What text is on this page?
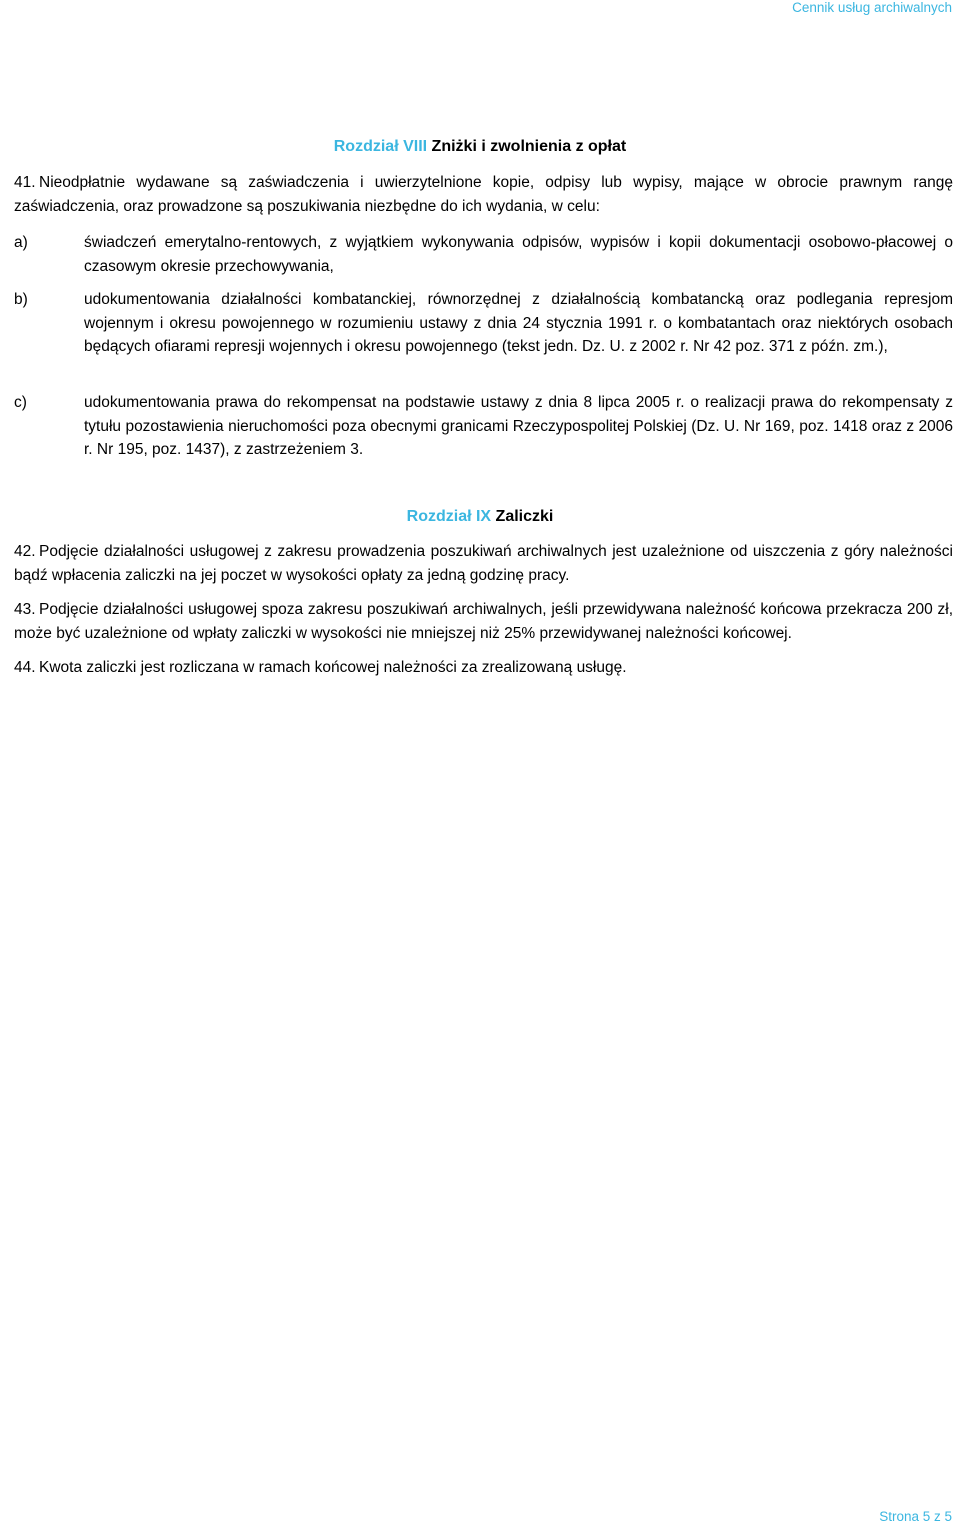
Cennik usług archiwalnych
Rozdział VIII Zniżki i zwolnienia z opłat
41. Nieodpłatnie wydawane są zaświadczenia i uwierzytelnione kopie, odpisy lub wypisy, mające w obrocie prawnym rangę zaświadczenia, oraz prowadzone są poszukiwania niezbędne do ich wydania, w celu:
a)	świadczeń emerytalno-rentowych, z wyjątkiem wykonywania odpisów, wypisów i kopii dokumentacji osobowo-płacowej o czasowym okresie przechowywania,
b)	udokumentowania działalności kombatanckiej, równorzędnej z działalnością kombatancką oraz podlegania represjom wojennym i okresu powojennego w rozumieniu ustawy z dnia 24 stycznia 1991 r. o kombatantach oraz niektórych osobach będących ofiarami represji wojennych i okresu powojennego (tekst jedn. Dz. U. z 2002 r. Nr 42 poz. 371 z późn. zm.),
c)	udokumentowania prawa do rekompensat na podstawie ustawy z dnia 8 lipca 2005 r. o realizacji prawa do rekompensaty z tytułu pozostawienia nieruchomości poza obecnymi granicami Rzeczypospolitej Polskiej (Dz. U. Nr 169, poz. 1418 oraz z 2006 r. Nr 195, poz. 1437), z zastrzeżeniem 3.
Rozdział IX Zaliczki
42. Podjęcie działalności usługowej z zakresu prowadzenia poszukiwań archiwalnych jest uzależnione od uiszczenia z góry należności bądź wpłacenia zaliczki na jej poczet w wysokości opłaty za jedną godzinę pracy.
43. Podjęcie działalności usługowej spoza zakresu poszukiwań archiwalnych, jeśli przewidywana należność końcowa przekracza 200 zł, może być uzależnione od wpłaty zaliczki w wysokości nie mniejszej niż 25% przewidywanej należności końcowej.
44. Kwota zaliczki jest rozliczana w ramach końcowej należności za zrealizowaną usługę.
Strona 5 z 5
